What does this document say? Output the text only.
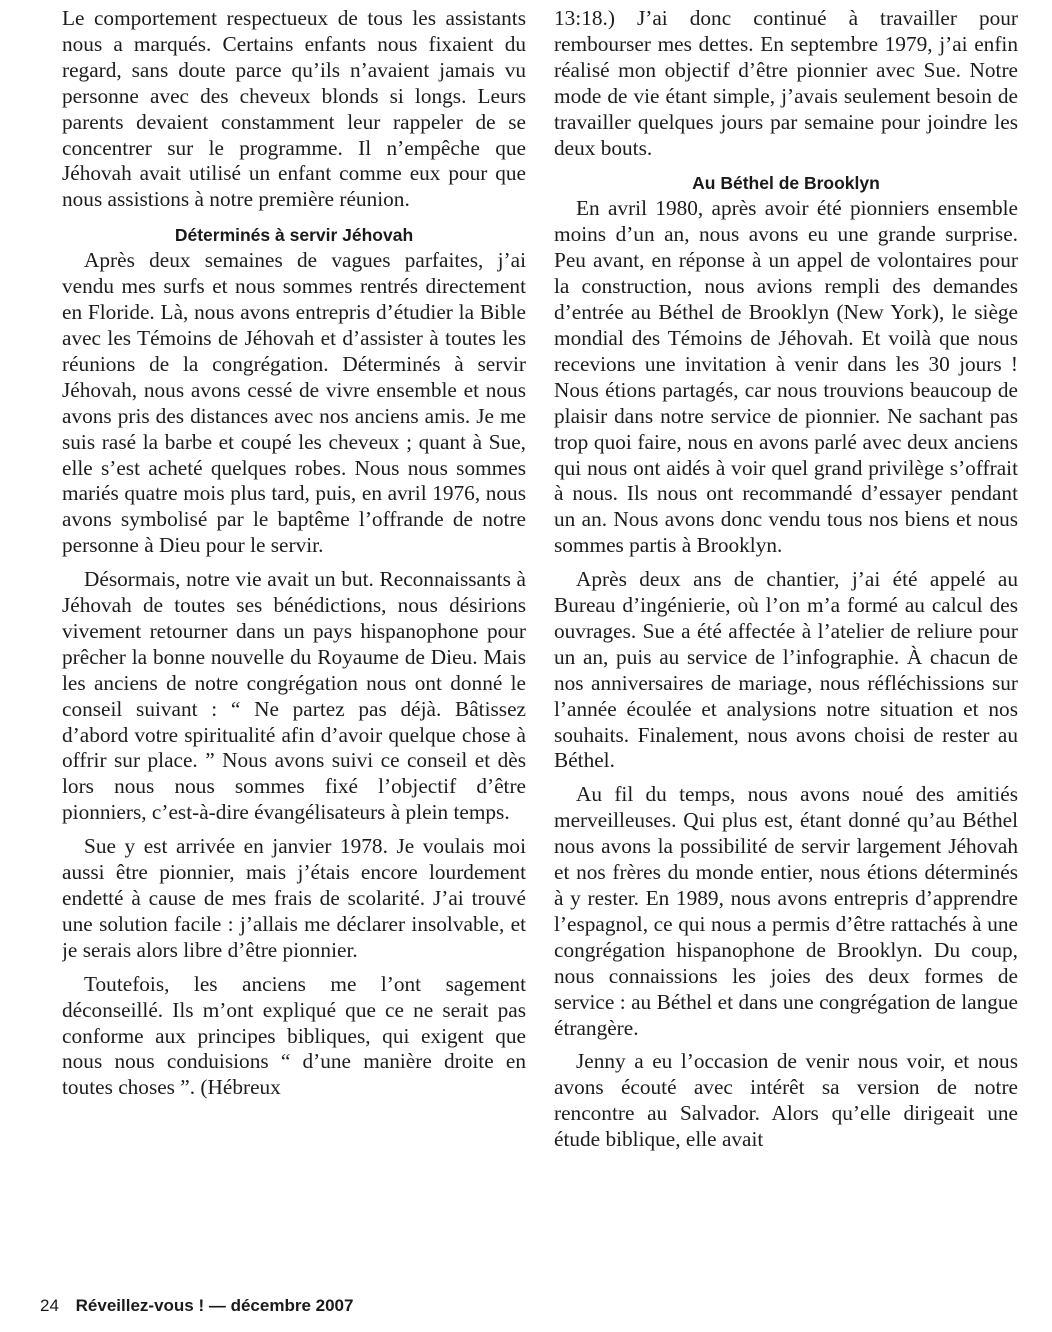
Le comportement respectueux de tous les assistants nous a marqués. Certains enfants nous fixaient du regard, sans doute parce qu’ils n’avaient jamais vu personne avec des cheveux blonds si longs. Leurs parents devaient constamment leur rappeler de se concentrer sur le programme. Il n’empêche que Jéhovah avait utilisé un enfant comme eux pour que nous assistions à notre première réunion.

Déterminés à servir Jéhovah

Après deux semaines de vagues parfaites, j’ai vendu mes surfs et nous sommes rentrés directement en Floride. Là, nous avons entrepris d’étudier la Bible avec les Témoins de Jéhovah et d’assister à toutes les réunions de la congrégation. Déterminés à servir Jéhovah, nous avons cessé de vivre ensemble et nous avons pris des distances avec nos anciens amis. Je me suis rasé la barbe et coupé les cheveux ; quant à Sue, elle s’est acheté quelques robes. Nous nous sommes mariés quatre mois plus tard, puis, en avril 1976, nous avons symbolisé par le baptême l’offrande de notre personne à Dieu pour le servir.

Désormais, notre vie avait un but. Reconnaissants à Jéhovah de toutes ses bénédictions, nous désirions vivement retourner dans un pays hispanophone pour prêcher la bonne nouvelle du Royaume de Dieu. Mais les anciens de notre congrégation nous ont donné le conseil suivant : “ Ne partez pas déjà. Bâtissez d’abord votre spiritualité afin d’avoir quelque chose à offrir sur place. ” Nous avons suivi ce conseil et dès lors nous nous sommes fixé l’objectif d’être pionniers, c’est-à-dire évangélisateurs à plein temps.

Sue y est arrivée en janvier 1978. Je voulais moi aussi être pionnier, mais j’étais encore lourdement endetté à cause de mes frais de scolarité. J’ai trouvé une solution facile : j’allais me déclarer insolvable, et je serais alors libre d’être pionnier.

Toutefois, les anciens me l’ont sagement déconseillé. Ils m’ont expliqué que ce ne serait pas conforme aux principes bibliques, qui exigent que nous nous conduisions “ d’une manière droite en toutes choses ”. (Hébreux

13:18.) J’ai donc continué à travailler pour rembourser mes dettes. En septembre 1979, j’ai enfin réalisé mon objectif d’être pionnier avec Sue. Notre mode de vie étant simple, j’avais seulement besoin de travailler quelques jours par semaine pour joindre les deux bouts.

Au Béthel de Brooklyn

En avril 1980, après avoir été pionniers ensemble moins d’un an, nous avons eu une grande surprise. Peu avant, en réponse à un appel de volontaires pour la construction, nous avions rempli des demandes d’entrée au Béthel de Brooklyn (New York), le siège mondial des Témoins de Jéhovah. Et voilà que nous recevions une invitation à venir dans les 30 jours ! Nous étions partagés, car nous trouvions beaucoup de plaisir dans notre service de pionnier. Ne sachant pas trop quoi faire, nous en avons parlé avec deux anciens qui nous ont aidés à voir quel grand privilège s’offrait à nous. Ils nous ont recommandé d’essayer pendant un an. Nous avons donc vendu tous nos biens et nous sommes partis à Brooklyn.

Après deux ans de chantier, j’ai été appelé au Bureau d’ingénierie, où l’on m’a formé au calcul des ouvrages. Sue a été affectée à l’atelier de reliure pour un an, puis au service de l’infographie. À chacun de nos anniversaires de mariage, nous réfléchissions sur l’année écoulée et analysions notre situation et nos souhaits. Finalement, nous avons choisi de rester au Béthel.

Au fil du temps, nous avons noué des amitiés merveilleuses. Qui plus est, étant donné qu’au Béthel nous avons la possibilité de servir largement Jéhovah et nos frères du monde entier, nous étions déterminés à y rester. En 1989, nous avons entrepris d’apprendre l’espagnol, ce qui nous a permis d’être rattachés à une congrégation hispanophone de Brooklyn. Du coup, nous connaissions les joies des deux formes de service : au Béthel et dans une congrégation de langue étrangère.

Jenny a eu l’occasion de venir nous voir, et nous avons écouté avec intérêt sa version de notre rencontre au Salvador. Alors qu’elle dirigeait une étude biblique, elle avait

24 Réveillez-vous ! — décembre 2007
